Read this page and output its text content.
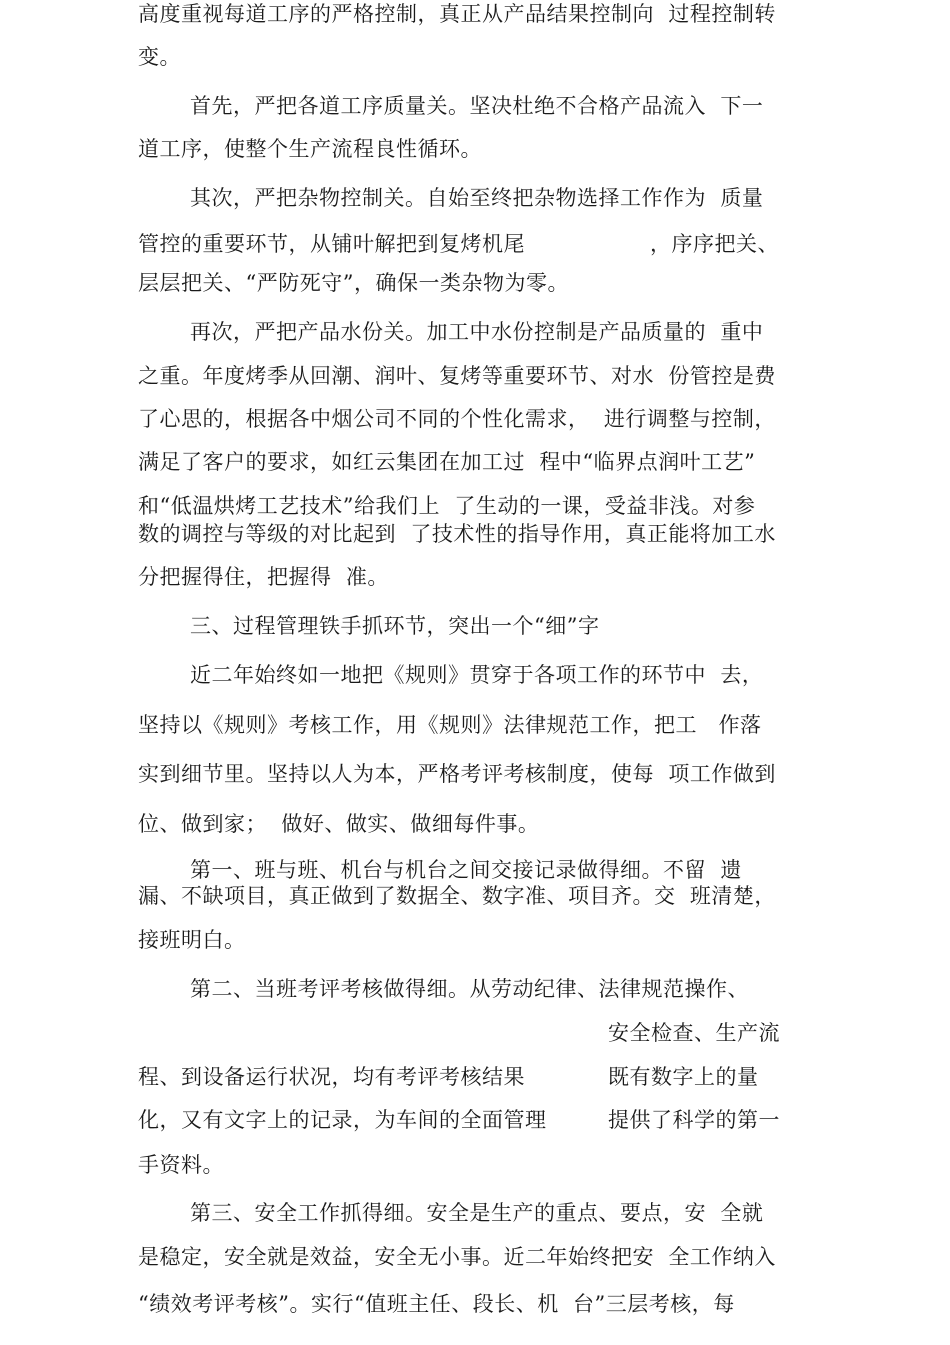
高度重视每道工序的严格控制，真正从产品结果控制向  过程控制转
变。
首先，严把各道工序质量关。坚决杜绝不合格产品流入  下一
道工序，使整个生产流程良性循环。
其次，严把杂物控制关。自始至终把杂物选择工作作为  质量
管控的重要环节，从铺叶解把到复烤机尾	，序序把关、
层层把关、“严防死守”，确保一类杂物为零。
再次，严把产品水份关。加工中水份控制是产品质量的  重中
之重。年度烤季从回潮、润叶、复烤等重要环节、对水  份管控是费
了心思的，根据各中烟公司不同的个性化需求，  进行调整与控制，
满足了客户的要求，如红云集团在加工过  程中“临界点润叶工艺”
和“低温烘烤工艺技术”给我们上  了生动的一课，受益非浅。对参
数的调控与等级的对比起到  了技术性的指导作用，真正能将加工水
分把握得住，把握得  准。
三、过程管理铁手抓环节，突出一个“细”字
近二年始终如一地把《规则》贯穿于各项工作的环节中  去，
坚持以《规则》考核工作，用《规则》法律规范工作，把工   作落
实到细节里。坚持以人为本，严格考评考核制度，使每  项工作做到
位、做到家；  做好、做实、做细每件事。
第一、班与班、机台与机台之间交接记录做得细。不留  遗
漏、不缺项目，真正做到了数据全、数字准、项目齐。交  班清楚，
接班明白。
第二、当班考评考核做得细。从劳动纪律、法律规范操作、
安全检查、生产流
程、到设备运行状况，均有考评考核结果	既有数字上的量
化，又有文字上的记录，为车间的全面管理	提供了科学的第一
手资料。
第三、安全工作抓得细。安全是生产的重点、要点，安  全就
是稳定，安全就是效益，安全无小事。近二年始终把安  全工作纳入
“绩效考评考核”。实行“值班主任、段长、机  台”三层考核，每
